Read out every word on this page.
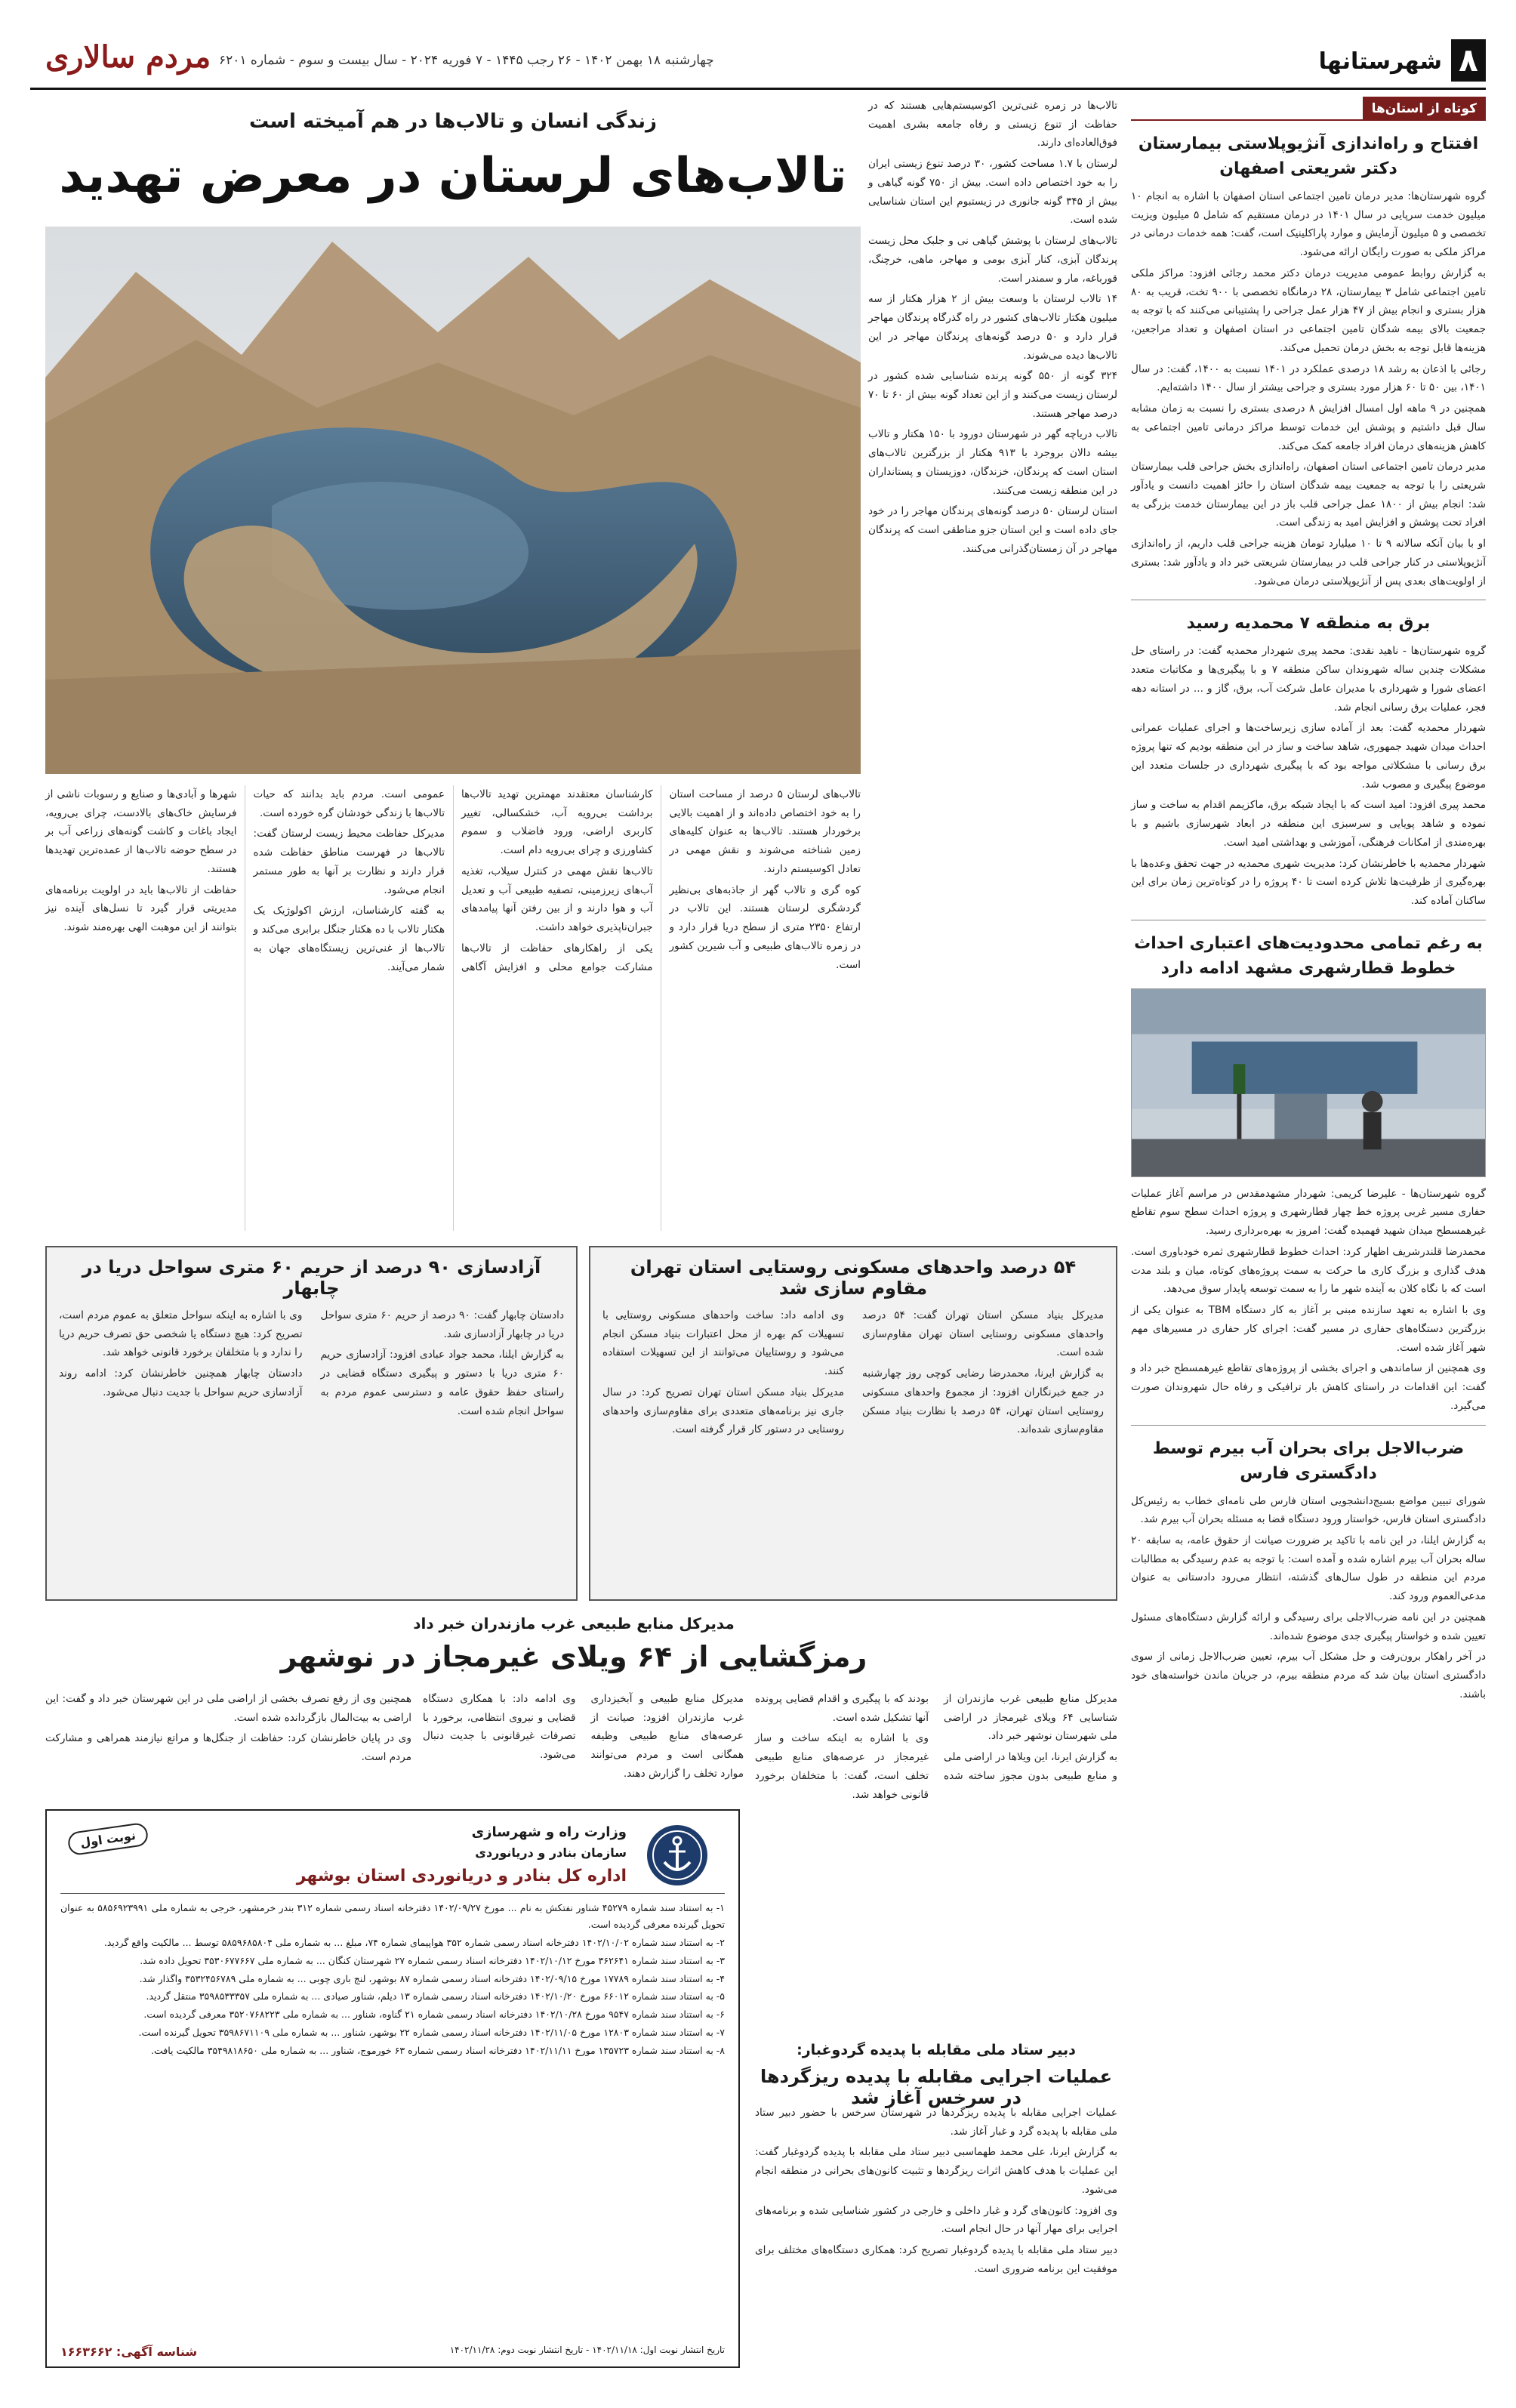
۸
شهرستانها
مردم سالاری چهارشنبه ۱۸ بهمن ۱۴۰۲ - ۲۶ رجب ۱۴۴۵ - ۷ فوریه ۲۰۲۴ - سال بیست و سوم - شماره ۶۲۰۱
کوتاه از استان‌ها
افتتاح و راه‌اندازی آنژیوپلاستی بیمارستان دکتر شریعتی اصفهان

گروه شهرستان‌ها: مدیر درمان تامین اجتماعی استان اصفهان با اشاره به انجام ۱۰ میلیون خدمت سرپایی در سال ۱۴۰۱ در درمان مستقیم که شامل ۵ میلیون ویزیت تخصصی و ۵ میلیون آزمایش و موارد پاراکلینیک است، گفت: همه خدمات درمانی در مراکز ملکی به صورت رایگان ارائه می‌شود.

به گزارش روابط عمومی مدیریت درمان دکتر محمد رجائی افزود: مراکز ملکی تامین اجتماعی شامل ۳ بیمارستان، ۲۸ درمانگاه تخصصی با ۹۰۰ تخت، قریب به ۸۰ هزار بستری و انجام بیش از ۴۷ هزار عمل جراحی را پشتیبانی می‌کنند که با توجه به جمعیت بالای بیمه شدگان تامین اجتماعی در استان اصفهان و تعداد مراجعین، هزینه‌ها قابل توجه به بخش درمان تحمیل می‌کند.

رجائی با اذعان به رشد ۱۸ درصدی عملکرد در ۱۴۰۱ نسبت به ۱۴۰۰، گفت: در سال ۱۴۰۱، بین ۵۰ تا ۶۰ هزار مورد بستری و جراحی بیشتر از سال ۱۴۰۰ داشته‌ایم.

همچنین در ۹ ماهه اول امسال افزایش ۸ درصدی بستری را نسبت به زمان مشابه سال قبل داشتیم و پوشش این خدمات توسط مراکز درمانی تامین اجتماعی به کاهش هزینه‌های درمان افراد جامعه کمک می‌کند.

مدیر درمان تامین اجتماعی استان اصفهان، راه‌اندازی بخش جراحی قلب بیمارستان شریعتی را با توجه به جمعیت بیمه شدگان استان را حائز اهمیت دانست و یادآور شد: انجام بیش از ۱۸۰۰ عمل جراحی قلب باز در این بیمارستان خدمت بزرگی به افراد تحت پوشش و افزایش امید به زندگی است.

او با بیان آنکه سالانه ۹ تا ۱۰ میلیارد تومان هزینه جراحی قلب داریم، از راه‌اندازی آنژیوپلاستی در کنار جراحی قلب در بیمارستان شریعتی خبر داد و یادآور شد: بستری از اولویت‌های بعدی پس از آنژیوپلاستی درمان می‌شود.

برق به منطقه ۷ محمدیه رسید

گروه شهرستان‌ها - ناهید نقدی: محمد پیری شهردار محمدیه گفت: در راستای حل مشکلات چندین ساله شهروندان ساکن منطقه ۷ و با پیگیری‌ها و مکاتبات متعدد اعضای شورا و شهرداری با مدیران عامل شرکت آب، برق، گاز و ... در استانه دهه فجر، عملیات برق رسانی انجام شد.

شهردار محمدیه گفت: بعد از آماده سازی زیرساخت‌ها و اجرای عملیات عمرانی احداث میدان شهید جمهوری، شاهد ساخت و ساز در این منطقه بودیم که تنها پروژه برق رسانی با مشکلاتی مواجه بود که با پیگیری شهرداری در جلسات متعدد این موضوع پیگیری و مصوب شد.

محمد پیری افزود: امید است که با ایجاد شبکه برق، ماکزیمم اقدام به ساخت و ساز نموده و شاهد پویایی و سرسبزی این منطقه در ابعاد شهرسازی باشیم و با بهره‌مندی از امکانات فرهنگی، آموزشی و بهداشتی امید است.

شهردار محمدیه با خاطرنشان کرد: مدیریت شهری محمدیه در جهت تحقق وعده‌ها با بهره‌گیری از ظرفیت‌ها تلاش کرده است تا ۴۰ پروژه را در کوتاه‌ترین زمان برای این ساکنان آماده کند.

به رغم تمامی محدودیت‌های اعتباری احداث خطوط قطارشهری مشهد ادامه دارد

گروه شهرستان‌ها - علیرضا کریمی: شهردار مشهدمقدس در مراسم آغاز عملیات حفاری مسیر غربی پروژه خط چهار قطارشهری و پروژه احداث سطح سوم تقاطع غیرهمسطح میدان شهید فهمیده گفت: امروز به بهره‌برداری رسید.

محمدرضا قلندرشریف اظهار کرد: احداث خطوط قطارشهری ثمره خودباوری است. هدف گذاری و بزرگ کاری ما حرکت به سمت پروژه‌های کوتاه، میان و بلند مدت است که با نگاه کلان به آینده شهر ما را به سمت توسعه پایدار سوق می‌دهد.

وی با اشاره به تعهد سازنده مبنی بر آغاز به کار دستگاه TBM به عنوان یکی از بزرگترین دستگاه‌های حفاری در مسیر گفت: اجرای کار حفاری در مسیرهای مهم شهر آغاز شده است.

وی همچنین از ساماندهی و اجرای بخشی از پروژه‌های تقاطع غیرهمسطح خبر داد و گفت: این اقدامات در راستای کاهش بار ترافیکی و رفاه حال شهروندان صورت می‌گیرد.

ضرب‌الاجل برای بحران آب بیرم توسط دادگستری فارس

شورای تبیین مواضع بسیج‌دانشجویی استان فارس طی نامه‌ای خطاب به رئیس‌کل دادگستری استان فارس، خواستار ورود دستگاه قضا به مسئله بحران آب بیرم شد.

به گزارش ایلنا، در این نامه با تاکید بر ضرورت صیانت از حقوق عامه، به سابقه ۲۰ ساله بحران آب بیرم اشاره شده و آمده است: با توجه به عدم رسیدگی به مطالبات مردم این منطقه در طول سال‌های گذشته، انتظار می‌رود دادستانی به عنوان مدعی‌العموم ورود کند.

همچنین در این نامه ضرب‌الاجلی برای رسیدگی و ارائه گزارش دستگاه‌های مسئول تعیین شده و خواستار پیگیری جدی موضوع شده‌اند.

در آخر راهکار برون‌رفت و حل مشکل آب بیرم، تعیین ضرب‌الاجل زمانی از سوی دادگستری استان بیان شد که مردم منطقه بیرم، در جریان ماندن خواسته‌های خود باشند.

زندگی انسان و تالاب‌ها در هم آمیخته است
تالاب‌های لرستان در معرض تهدید

تالاب‌ها در زمره غنی‌ترین اکوسیستم‌هایی هستند که در حفاظت از تنوع زیستی و رفاه جامعه بشری اهمیت فوق‌العاده‌ای دارند.

لرستان با ۱.۷ مساحت کشور، ۳۰ درصد تنوع زیستی ایران را به خود اختصاص داده است. بیش از ۷۵۰ گونه گیاهی و بیش از ۳۴۵ گونه جانوری در زیستبوم این استان شناسایی شده است.

تالاب‌های لرستان با پوشش گیاهی نی و جلبک محل زیست پرندگان آبزی، کنار آبزی بومی و مهاجر، ماهی، خرچنگ، قورباغه، مار و سمندر است.

۱۴ تالاب لرستان با وسعت بیش از ۲ هزار هکتار از سه میلیون هکتار تالاب‌های کشور در راه گذرگاه پرندگان مهاجر قرار دارد و ۵۰ درصد گونه‌های پرندگان مهاجر در این تالاب‌ها دیده می‌شوند.

۳۲۴ گونه از ۵۵۰ گونه پرنده شناسایی شده کشور در لرستان زیست می‌کنند و از این تعداد گونه بیش از ۶۰ تا ۷۰ درصد مهاجر هستند.

تالاب دریاچه گهر در شهرستان دورود با ۱۵۰ هکتار و تالاب بیشه دالان بروجرد با ۹۱۳ هکتار از بزرگترین تالاب‌های استان است که پرندگان، خزندگان، دوزیستان و پستانداران در این منطقه زیست می‌کنند.

استان لرستان ۵۰ درصد گونه‌های پرندگان مهاجر را در خود جای داده است و این استان جزو مناطقی است که پرندگان مهاجر در آن زمستان‌گذرانی می‌کنند.

تالاب‌های لرستان ۵ درصد از مساحت استان را به خود اختصاص داده‌اند و از اهمیت بالایی برخوردار هستند. تالاب‌ها به عنوان کلیه‌های زمین شناخته می‌شوند و نقش مهمی در تعادل اکوسیستم دارند.

کوه گری و تالاب گهر از جاذبه‌های بی‌نظیر گردشگری لرستان هستند. این تالاب در ارتفاع ۲۳۵۰ متری از سطح دریا قرار دارد و در زمره تالاب‌های طبیعی و آب شیرین کشور است.

کارشناسان معتقدند مهمترین تهدید تالاب‌ها برداشت بی‌رویه آب، خشکسالی، تغییر کاربری اراضی، ورود فاضلاب و سموم کشاورزی و چرای بی‌رویه دام است.

تالاب‌ها نقش مهمی در کنترل سیلاب، تغذیه آب‌های زیرزمینی، تصفیه طبیعی آب و تعدیل آب و هوا دارند و از بین رفتن آنها پیامدهای جبران‌ناپذیری خواهد داشت.

یکی از راهکارهای حفاظت از تالاب‌ها مشارکت جوامع محلی و افزایش آگاهی عمومی است. مردم باید بدانند که حیات تالاب‌ها با زندگی خودشان گره خورده است.

مدیرکل حفاظت محیط زیست لرستان گفت: تالاب‌ها در فهرست مناطق حفاظت شده قرار دارند و نظارت بر آنها به طور مستمر انجام می‌شود.

به گفته کارشناسان، ارزش اکولوژیک یک هکتار تالاب با ده هکتار جنگل برابری می‌کند و تالاب‌ها از غنی‌ترین زیستگاه‌های جهان به شمار می‌آیند.

شهرها و آبادی‌ها و صنایع و رسوبات ناشی از فرسایش خاک‌های بالادست، چرای بی‌رویه، ایجاد باغات و کاشت گونه‌های زراعی آب بر در سطح حوضه تالاب‌ها از عمده‌ترین تهدیدها هستند.

حفاظت از تالاب‌ها باید در اولویت برنامه‌های مدیریتی قرار گیرد تا نسل‌های آینده نیز بتوانند از این موهبت الهی بهره‌مند شوند.

۵۴ درصد واحدهای مسکونی روستایی استان تهران مقاوم سازی شد

مدیرکل بنیاد مسکن استان تهران گفت: ۵۴ درصد واحدهای مسکونی روستایی استان تهران مقاوم‌سازی شده است.

به گزارش ایرنا، محمدرضا رضایی کوچی روز چهارشنبه در جمع خبرنگاران افزود: از مجموع واحدهای مسکونی روستایی استان تهران، ۵۴ درصد با نظارت بنیاد مسکن مقاوم‌سازی شده‌اند.

وی ادامه داد: ساخت واحدهای مسکونی روستایی با تسهیلات کم بهره از محل اعتبارات بنیاد مسکن انجام می‌شود و روستاییان می‌توانند از این تسهیلات استفاده کنند.

مدیرکل بنیاد مسکن استان تهران تصریح کرد: در سال جاری نیز برنامه‌های متعددی برای مقاوم‌سازی واحدهای روستایی در دستور کار قرار گرفته است.

آزادسازی ۹۰ درصد از حریم ۶۰ متری سواحل دریا در چابهار

دادستان چابهار گفت: ۹۰ درصد از حریم ۶۰ متری سواحل دریا در چابهار آزادسازی شد.

به گزارش ایلنا، محمد جواد عبادی افزود: آزادسازی حریم ۶۰ متری دریا با دستور و پیگیری دستگاه قضایی در راستای حفظ حقوق عامه و دسترسی عموم مردم به سواحل انجام شده است.

وی با اشاره به اینکه سواحل متعلق به عموم مردم است، تصریح کرد: هیچ دستگاه یا شخصی حق تصرف حریم دریا را ندارد و با متخلفان برخورد قانونی خواهد شد.

دادستان چابهار همچنین خاطرنشان کرد: ادامه روند آزادسازی حریم سواحل با جدیت دنبال می‌شود.

مدیرکل منابع طبیعی غرب مازندران خبر داد
رمزگشایی از ۶۴ ویلای غیرمجاز در نوشهر

مدیرکل منابع طبیعی غرب مازندران از شناسایی ۶۴ ویلای غیرمجاز در اراضی ملی شهرستان نوشهر خبر داد.

به گزارش ایرنا، این ویلاها در اراضی ملی و منابع طبیعی بدون مجوز ساخته شده بودند که با پیگیری و اقدام قضایی پرونده آنها تشکیل شده است.

وی با اشاره به اینکه ساخت و ساز غیرمجاز در عرصه‌های منابع طبیعی تخلف است، گفت: با متخلفان برخورد قانونی خواهد شد.

مدیرکل منابع طبیعی و آبخیزداری غرب مازندران افزود: صیانت از عرصه‌های منابع طبیعی وظیفه همگانی است و مردم می‌توانند موارد تخلف را گزارش دهند.

وی ادامه داد: با همکاری دستگاه قضایی و نیروی انتظامی، برخورد با تصرفات غیرقانونی با جدیت دنبال می‌شود.

همچنین وی از رفع تصرف بخشی از اراضی ملی در این شهرستان خبر داد و گفت: این اراضی به بیت‌المال بازگردانده شده است.

وی در پایان خاطرنشان کرد: حفاظت از جنگل‌ها و مراتع نیازمند همراهی و مشارکت مردم است.

وزارت راه و شهرسازی
سازمان بنادر و دریانوردی
اداره کل بنادر و دریانوردی استان بوشهر
نوبت اول

۱- به استناد سند شماره ۴۵۲۷۹ شناور نفتکش به نام ... مورخ ۱۴۰۲/۰۹/۲۷ دفترخانه اسناد رسمی شماره ۳۱۲ بندر خرمشهر، خرجی به شماره ملی ۵۸۵۶۹۲۳۹۹۱ به عنوان تحویل گیرنده معرفی گردیده است.

۲- به استناد سند شماره ۱۴۰۲/۱۰/۰۲ دفترخانه اسناد رسمی شماره ۳۵۲ هواپیمای شماره ۷۴، مبلغ ... به شماره ملی ۵۸۵۹۶۸۵۸۰۴ توسط ... مالکیت واقع گردید.

۳- به استناد سند شماره ۳۶۲۶۴۱ مورخ ۱۴۰۲/۱۰/۱۲ دفترخانه اسناد رسمی شماره ۲۷ شهرستان کنگان ... به شماره ملی ۳۵۳۰۶۷۷۶۶۷ تحویل داده شد.

۴- به استناد سند شماره ۱۷۷۸۹ مورخ ۱۴۰۲/۰۹/۱۵ دفترخانه اسناد رسمی شماره ۸۷ بوشهر، لنج باری چوبی ... به شماره ملی ۳۵۳۲۴۵۶۷۸۹ واگذار شد.

۵- به استناد سند شماره ۶۶۰۱۲ مورخ ۱۴۰۲/۱۰/۲۰ دفترخانه اسناد رسمی شماره ۱۳ دیلم، شناور صیادی ... به شماره ملی ۳۵۹۸۵۳۳۳۵۷ منتقل گردید.

۶- به استناد سند شماره ۹۵۴۷ مورخ ۱۴۰۲/۱۰/۲۸ دفترخانه اسناد رسمی شماره ۲۱ گناوه، شناور ... به شماره ملی ۳۵۲۰۷۶۸۲۲۳ معرفی گردیده است.

۷- به استناد سند شماره ۱۲۸۰۳ مورخ ۱۴۰۲/۱۱/۰۵ دفترخانه اسناد رسمی شماره ۲۲ بوشهر، شناور ... به شماره ملی ۳۵۹۸۶۷۱۱۰۹ تحویل گیرنده است.

۸- به استناد سند شماره ۱۳۵۷۲۳ مورخ ۱۴۰۲/۱۱/۱۱ دفترخانه اسناد رسمی شماره ۶۳ خورموج، شناور ... به شماره ملی ۳۵۴۹۸۱۸۶۵۰ مالکیت یافت.

تاریخ انتشار نوبت اول: ۱۴۰۲/۱۱/۱۸ - تاریخ انتشار نوبت دوم: ۱۴۰۲/۱۱/۲۸
شناسه آگهی: ۱۶۶۳۶۶۲
دبیر ستاد ملی مقابله با پدیده گردوغبار:
عملیات اجرایی مقابله با پدیده ریزگردها در سرخس آغاز شد

عملیات اجرایی مقابله با پدیده ریزگردها در شهرستان سرخس با حضور دبیر ستاد ملی مقابله با پدیده گرد و غبار آغاز شد.

به گزارش ایرنا، علی محمد طهماسبی دبیر ستاد ملی مقابله با پدیده گردوغبار گفت: این عملیات با هدف کاهش اثرات ریزگردها و تثبیت کانون‌های بحرانی در منطقه انجام می‌شود.

وی افزود: کانون‌های گرد و غبار داخلی و خارجی در کشور شناسایی شده و برنامه‌های اجرایی برای مهار آنها در حال انجام است.

دبیر ستاد ملی مقابله با پدیده گردوغبار تصریح کرد: همکاری دستگاه‌های مختلف برای موفقیت این برنامه ضروری است.
